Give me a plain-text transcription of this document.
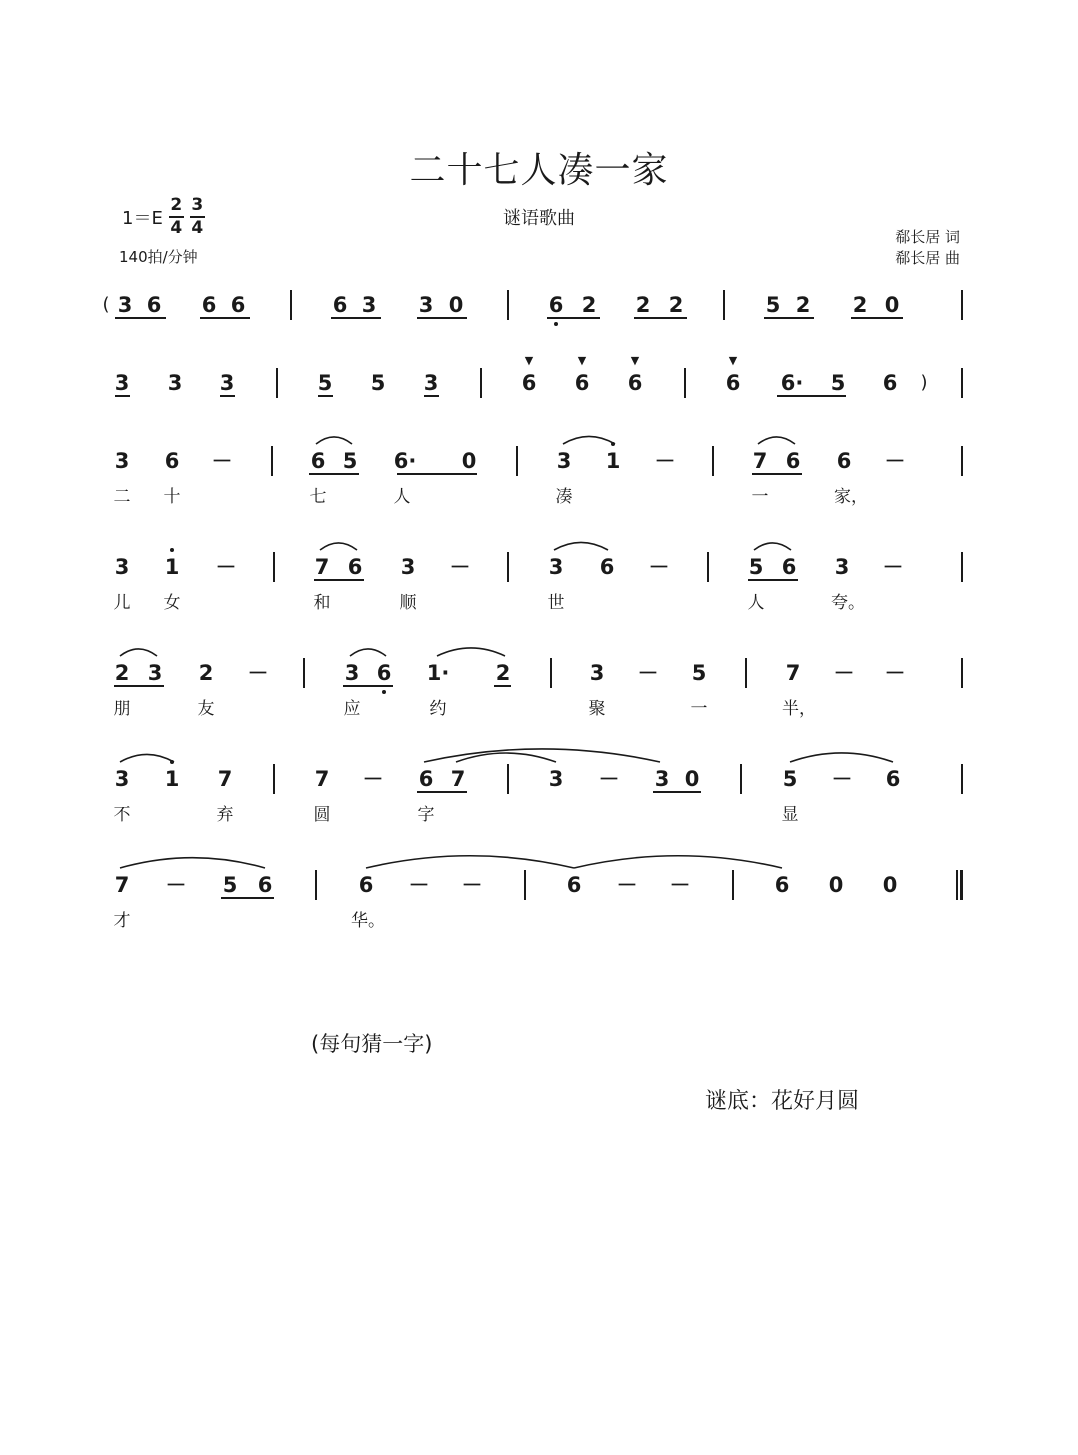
二十七人凑一家
谜语歌曲
郗长居 词
郗长居 曲
1＝E
2
4
3
4
140拍/分钟
( 3 6 6 6	6 3 3 0	6 2 2 2	5 2 2 0
3 3 3	5 5 3	6 6 6	6 6· 5 6	)
▼	▼	▼	▼
3 6	6 5 6· 0	3 1	7 6 6
－	－	－
二	十	七	人	凑	一	家，
3 1	7 6 3	3 6	5 6 3
－	－	－	－
儿	女	和	顺	世	人	夸。
2 3 2	3 6 1· 2	3	5	7
－	－	－ －
朋	友	应	约	聚	一	半，
3 1 7	7	6 7	3	3 0	5	6
－	－	－
不	弃	圆	字	显
7	5 6	6	6	6 0 0
－	－ －	－ －
才	华。
(每句猜一字)
谜底：花好月圆
